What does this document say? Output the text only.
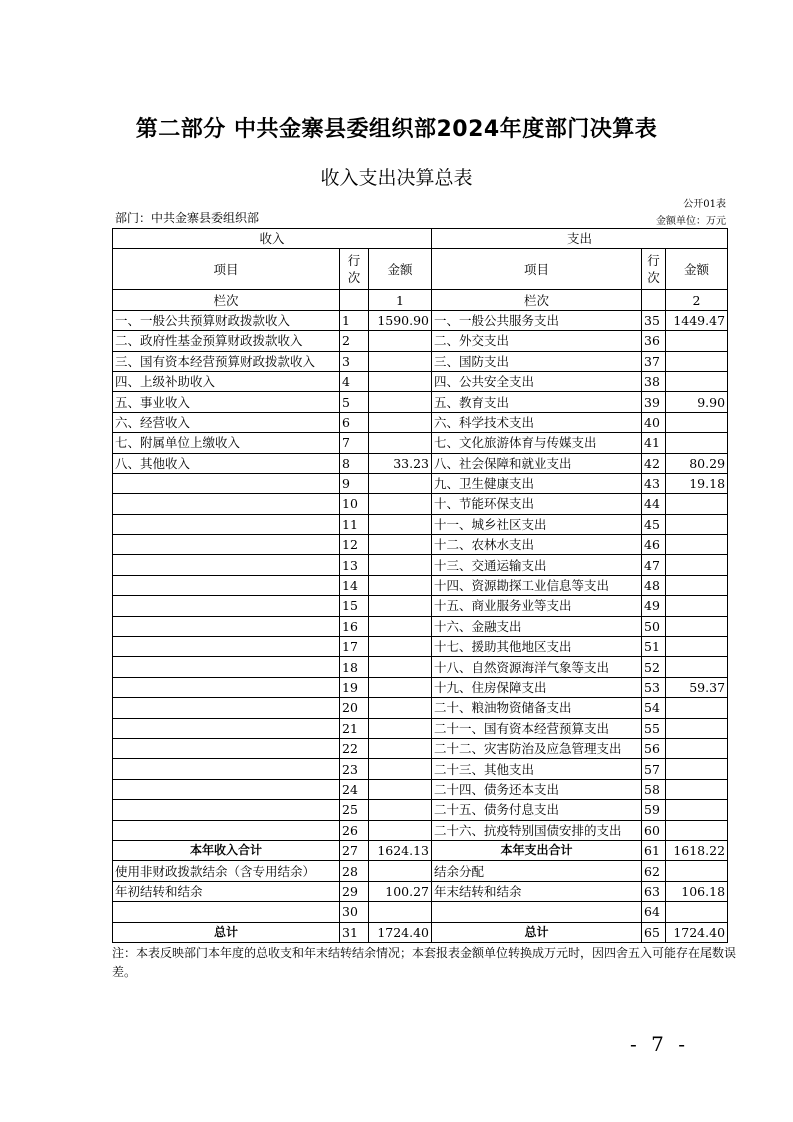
第二部分 中共金寨县委组织部2024年度部门决算表
收入支出决算总表
公开01表
部门：中共金寨县委组织部	金额单位：万元
收入			支出		
项目	行次	金额	项目	行次	金额
栏次		1	栏次		2
一、一般公共预算财政拨款收入	1	1590.90	一、一般公共服务支出	35	1449.47
二、政府性基金预算财政拨款收入	2		二、外交支出	36	
三、国有资本经营预算财政拨款收入	3		三、国防支出	37	
四、上级补助收入	4		四、公共安全支出	38	
五、事业收入	5		五、教育支出	39	9.90
六、经营收入	6		六、科学技术支出	40	
七、附属单位上缴收入	7		七、文化旅游体育与传媒支出	41	
八、其他收入	8	33.23	八、社会保障和就业支出	42	80.29
	9		九、卫生健康支出	43	19.18
	10		十、节能环保支出	44	
	11		十一、城乡社区支出	45	
	12		十二、农林水支出	46	
	13		十三、交通运输支出	47	
	14		十四、资源勘探工业信息等支出	48	
	15		十五、商业服务业等支出	49	
	16		十六、金融支出	50	
	17		十七、援助其他地区支出	51	
	18		十八、自然资源海洋气象等支出	52	
	19		十九、住房保障支出	53	59.37
	20		二十、粮油物资储备支出	54	
	21		二十一、国有资本经营预算支出	55	
	22		二十二、灾害防治及应急管理支出	56	
	23		二十三、其他支出	57	
	24		二十四、债务还本支出	58	
	25		二十五、债务付息支出	59	
	26		二十六、抗疫特别国债安排的支出	60	
本年收入合计	27	1624.13	本年支出合计	61	1618.22
使用非财政拨款结余（含专用结余）	28		结余分配	62	
年初结转和结余	29	100.27	年末结转和结余	63	106.18
	30			64	
总计	31	1724.40	总计	65	1724.40
注：本表反映部门本年度的总收支和年末结转结余情况；本套报表金额单位转换成万元时，因四舍五入可能存在尾数误差。
- 7 -
